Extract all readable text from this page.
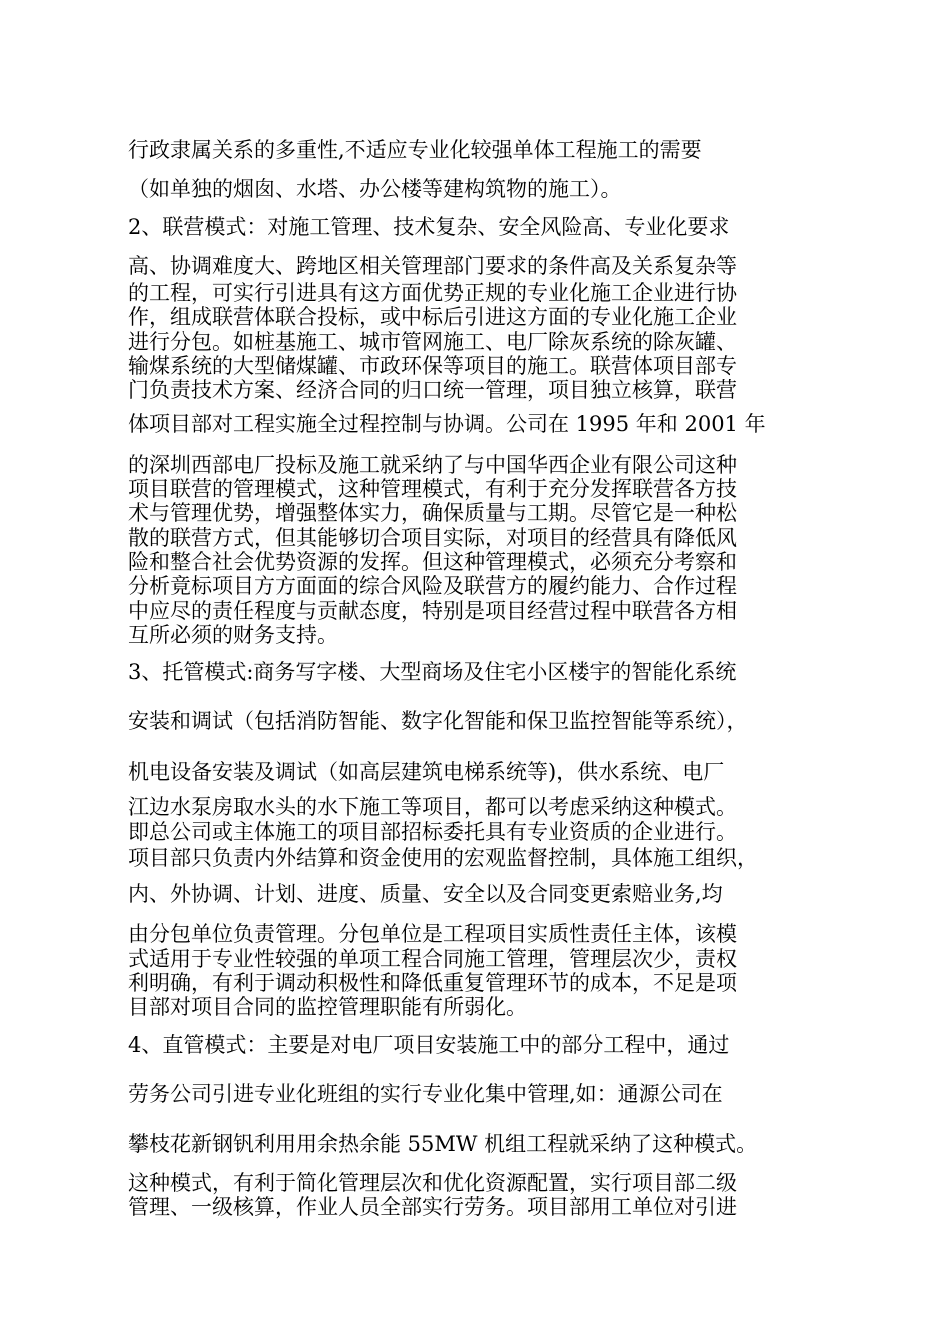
行政隶属关系的多重性,不适应专业化较强单体工程施工的需要
（如单独的烟囱、水塔、办公楼等建构筑物的施工）。
2、联营模式：对施工管理、技术复杂、安全风险高、专业化要求
高、协调难度大、跨地区相关管理部门要求的条件高及关系复杂等
的工程，可实行引进具有这方面优势正规的专业化施工企业进行协
作，组成联营体联合投标，或中标后引进这方面的专业化施工企业
进行分包。如桩基施工、城市管网施工、电厂除灰系统的除灰罐、
输煤系统的大型储煤罐、市政环保等项目的施工。联营体项目部专
门负责技术方案、经济合同的归口统一管理，项目独立核算，联营
体项目部对工程实施全过程控制与协调。公司在 1995 年和 2001 年
的深圳西部电厂投标及施工就采纳了与中国华西企业有限公司这种
项目联营的管理模式，这种管理模式，有利于充分发挥联营各方技
术与管理优势，增强整体实力，确保质量与工期。尽管它是一种松
散的联营方式，但其能够切合项目实际，对项目的经营具有降低风
险和整合社会优势资源的发挥。但这种管理模式，必须充分考察和
分析竟标项目方方面面的综合风险及联营方的履约能力、合作过程
中应尽的责任程度与贡献态度，特别是项目经营过程中联营各方相
互所必须的财务支持。
3、托管模式:商务写字楼、大型商场及住宅小区楼宇的智能化系统
安装和调试（包括消防智能、数字化智能和保卫监控智能等系统），
机电设备安装及调试（如高层建筑电梯系统等)，供水系统、电厂
江边水泵房取水头的水下施工等项目，都可以考虑采纳这种模式。
即总公司或主体施工的项目部招标委托具有专业资质的企业进行。
项目部只负责内外结算和资金使用的宏观监督控制，具体施工组织，
内、外协调、计划、进度、质量、安全以及合同变更索赔业务,均
由分包单位负责管理。分包单位是工程项目实质性责任主体，该模
式适用于专业性较强的单项工程合同施工管理，管理层次少，责权
利明确，有利于调动积极性和降低重复管理环节的成本，不足是项
目部对项目合同的监控管理职能有所弱化。
4、直管模式：主要是对电厂项目安装施工中的部分工程中，通过
劳务公司引进专业化班组的实行专业化集中管理,如：通源公司在
攀枝花新钢钒利用用余热余能 55MW 机组工程就采纳了这种模式。
这种模式，有利于简化管理层次和优化资源配置，实行项目部二级
管理、一级核算，作业人员全部实行劳务。项目部用工单位对引进
